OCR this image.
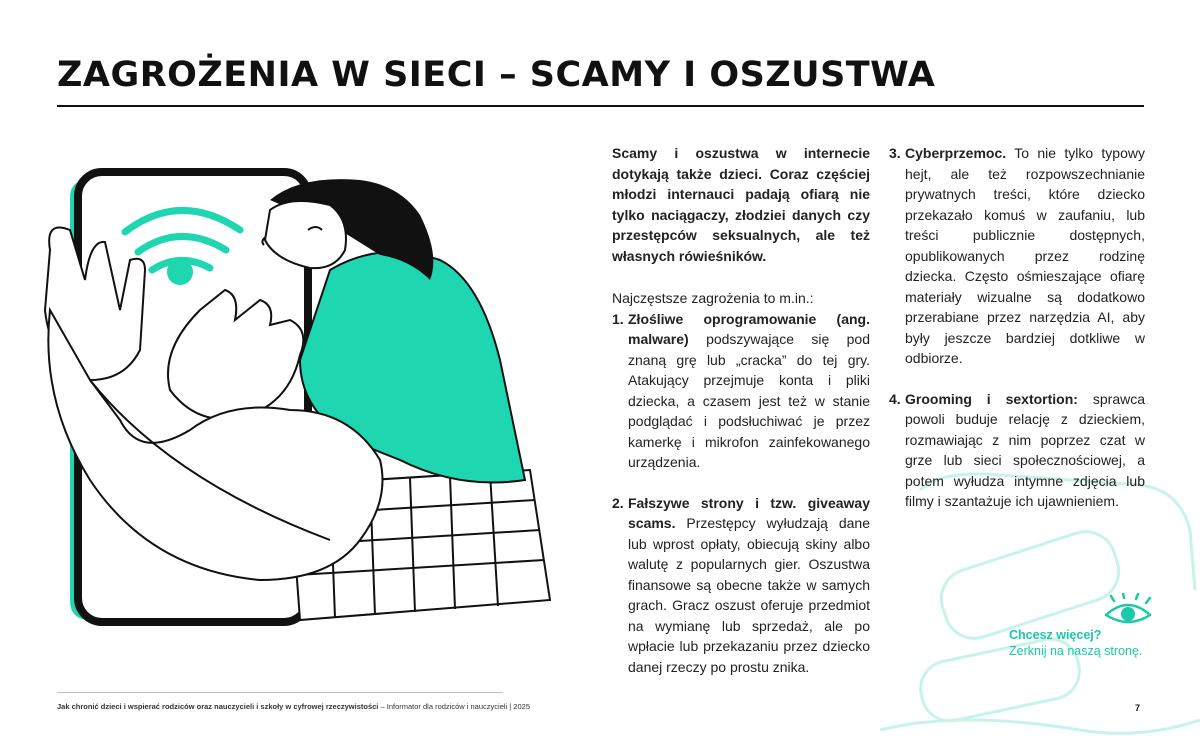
ZAGROŻENIA W SIECI – SCAMY I OSZUSTWA

Scamy i oszustwa w internecie dotykają także dzieci. Coraz częściej młodzi internauci padają ofiarą nie tylko naciągaczy, złodziei danych czy przestępców seksualnych, ale też własnych rówieśników.

Najczęstsze zagrożenia to m.in.:

1. Złośliwe oprogramowanie (ang. malware) podszywające się pod znaną grę lub „cracka” do tej gry. Atakujący przejmuje konta i pliki dziecka, a czasem jest też w stanie podglądać i podsłuchiwać je przez kamerkę i mikrofon zainfekowanego urządzenia.
2. Fałszywe strony i tzw. giveaway scams. Przestępcy wyłudzają dane lub wprost opłaty, obiecują skiny albo walutę z popularnych gier. Oszustwa finansowe są obecne także w samych grach. Gracz oszust oferuje przedmiot na wymianę lub sprzedaż, ale po wpłacie lub przekazaniu przez dziecko danej rzeczy po prostu znika.
3. Cyberprzemoc. To nie tylko typowy hejt, ale też rozpowszechnianie prywatnych treści, które dziecko przekazało komuś w zaufaniu, lub treści publicznie dostępnych, opublikowanych przez rodzinę dziecka. Często ośmieszające ofiarę materiały wizualne są dodatkowo przerabiane przez narzędzia AI, aby były jeszcze bardziej dotkliwe w odbiorze.
4. Grooming i sextortion: sprawca powoli buduje relację z dzieckiem, rozmawiając z nim poprzez czat w grze lub sieci społecznościowej, a potem wyłudza intymne zdjęcia lub filmy i szantażuje ich ujawnieniem.
Chcesz więcej?
Zerknij na naszą stronę.
Jak chronić dzieci i wspierać rodziców oraz nauczycieli i szkoły w cyfrowej rzeczywistości – Informator dla rodziców i nauczycieli | 2025	7
